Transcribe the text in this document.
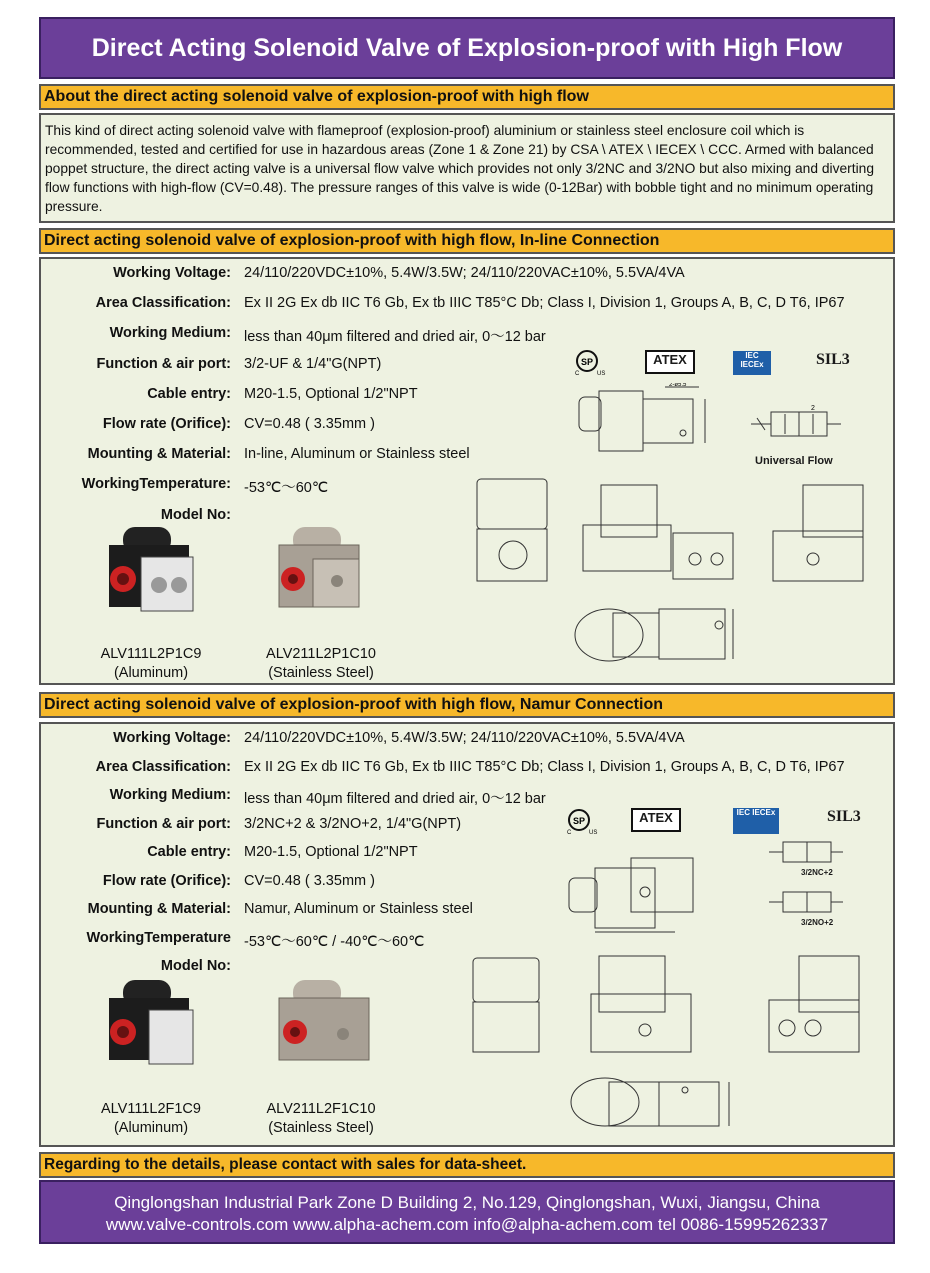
Direct Acting Solenoid Valve of Explosion-proof with High Flow
About the direct acting solenoid valve of explosion-proof with high flow
This kind of direct acting solenoid valve with flameproof (explosion-proof) aluminium or stainless steel enclosure coil which is recommended, tested and certified for use in hazardous areas (Zone 1 & Zone 21) by CSA \ ATEX \ IECEX \ CCC. Armed with balanced poppet structure, the direct acting valve is a universal flow valve which provides not only 3/2NC and 3/2NO but also mixing and diverting flow functions with high-flow (CV=0.48). The pressure ranges of this valve is wide (0-12Bar) with bobble tight and no minimum operating pressure.
Direct acting solenoid valve of explosion-proof with high flow, In-line Connection
Working Voltage: 24/110/220VDC±10%, 5.4W/3.5W; 24/110/220VAC±10%, 5.5VA/4VA
Area Classification: Ex II 2G Ex db IIC T6 Gb, Ex tb IIIC T85°C Db; Class I, Division 1, Groups A, B, C, D T6, IP67
Working Medium: less than 40μm filtered and dried air, 0～12 bar
Function & air port: 3/2-UF & 1/4"G(NPT)
Cable entry: M20-1.5, Optional 1/2"NPT
Flow rate (Orifice): CV=0.48 ( 3.35mm )
Mounting & Material: In-line, Aluminum or Stainless steel
WorkingTemperature: -53℃～60℃
Model No:
ALV111L2P1C9
(Aluminum)
ALV211L2P1C10
(Stainless Steel)
SP
C	US
ATEX	IEC IECEx	SIL3
2-ø5.5
2
Universal Flow
Direct acting solenoid valve of explosion-proof with high flow, Namur Connection
Working Voltage: 24/110/220VDC±10%, 5.4W/3.5W; 24/110/220VAC±10%, 5.5VA/4VA
Area Classification: Ex II 2G Ex db IIC T6 Gb, Ex tb IIIC T85°C Db; Class I, Division 1, Groups A, B, C, D T6, IP67
Working Medium: less than 40μm filtered and dried air, 0～12 bar
Function & air port: 3/2NC+2 & 3/2NO+2, 1/4"G(NPT)
Cable entry: M20-1.5, Optional 1/2"NPT
Flow rate (Orifice): CV=0.48 ( 3.35mm )
Mounting & Material: Namur, Aluminum or Stainless steel
WorkingTemperature -53℃～60℃ / -40℃～60℃
Model No:
ALV111L2F1C9
(Aluminum)
ALV211L2F1C10
(Stainless Steel)
SP
C	US
ATEX	IEC IECEx	SIL3
3/2NC+2
3/2NO+2
Regarding to the details, please contact with sales for data-sheet.
Qinglongshan Industrial Park Zone D Building 2, No.129, Qinglongshan, Wuxi, Jiangsu, China
www.valve-controls.com www.alpha-achem.com info@alpha-achem.com tel 0086-15995262337
